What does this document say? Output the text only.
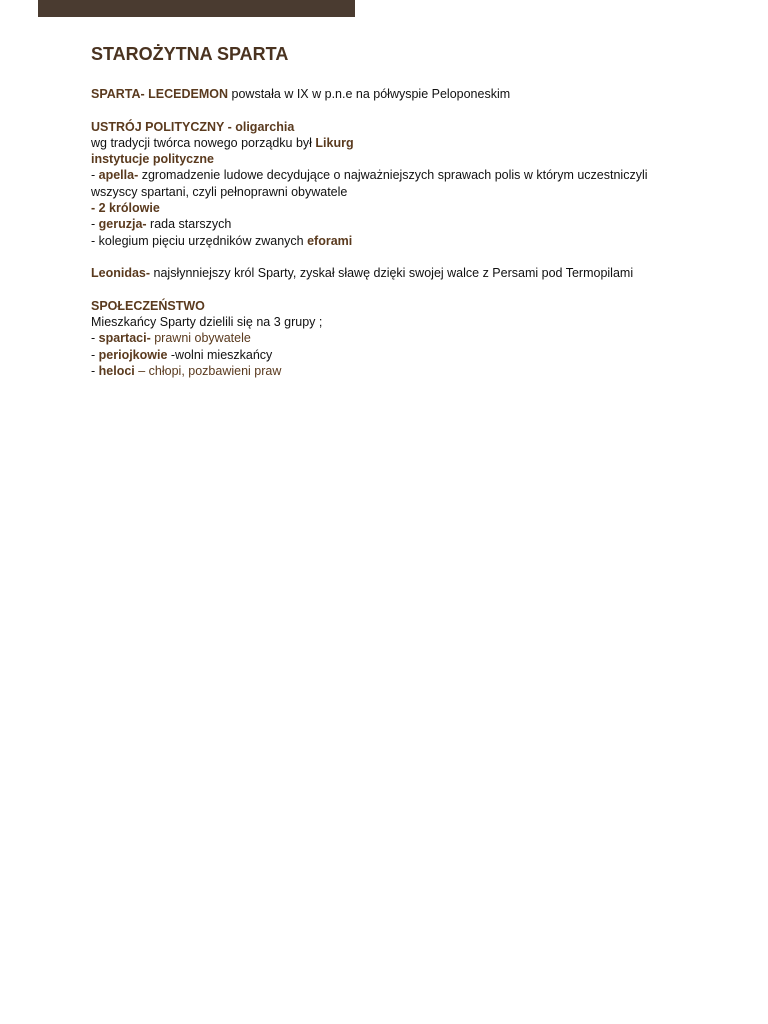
STAROŻYTNA SPARTA

SPARTA- LECEDEMON powstała w IX w p.n.e na półwyspie Peloponeskim

USTRÓJ POLITYCZNY - oligarchia

wg tradycji twórca nowego porządku był Likurg

instytucje polityczne

- apella- zgromadzenie ludowe decydujące o najważniejszych sprawach polis w którym uczestniczyli wszyscy spartani, czyli pełnoprawni obywatele

- 2 królowie

- geruzja- rada starszych

- kolegium pięciu urzędników zwanych eforami

Leonidas- najsłynniejszy król Sparty, zyskał sławę dzięki swojej walce z Persami pod Termopilami

SPOŁECZEŃSTWO

Mieszkańcy Sparty dzielili się na 3 grupy ;

- spartaci- prawni obywatele

- periojkowie -wolni mieszkańcy

- heloci – chłopi, pozbawieni praw
